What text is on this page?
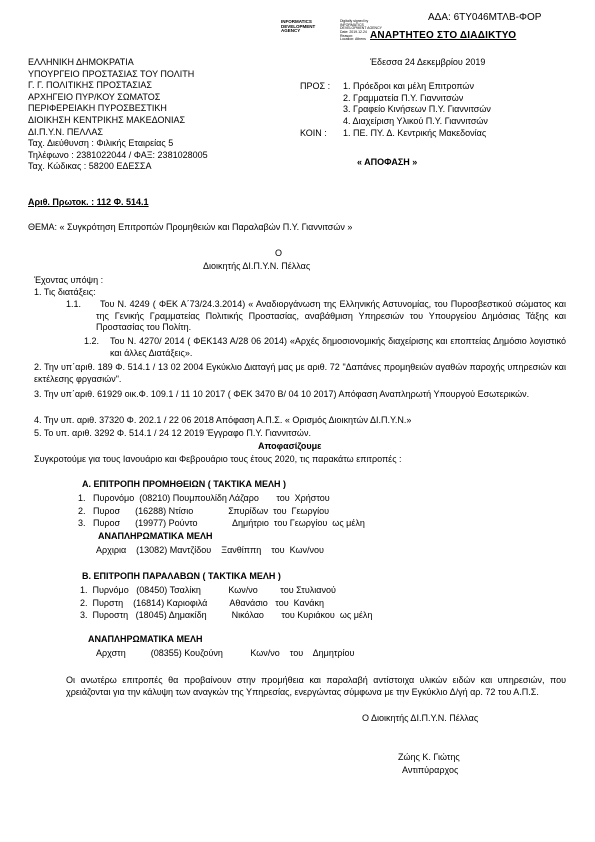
ΑΔΑ: 6ΤΥ046ΜΤΛΒ-ΦΟΡ
INFORMATICS
DEVELOPMENT
AGENCY
Digitally signed by
INFORMATICS
DEVELOPMENT AGENCY
Date: 2019.12.24
Reason:
Location: Athens ΑΝΑΡΤΗΤΕΟ ΣΤΟ ΔΙΑΔΙΚΤΥΟ
ΕΛΛΗΝΙΚΗ ΔΗΜΟΚΡΑΤΙΑ
ΥΠΟΥΡΓΕΙΟ ΠΡΟΣΤΑΣΙΑΣ ΤΟΥ ΠΟΛΙΤΗ
Γ. Γ. ΠΟΛΙΤΙΚΗΣ ΠΡΟΣΤΑΣΙΑΣ
ΑΡΧΗΓΕΙΟ ΠΥΡ/ΚΟΥ ΣΩΜΑΤΟΣ
ΠΕΡΙΦΕΡΕΙΑΚΗ ΠΥΡΟΣΒΕΣΤΙΚΗ
ΔΙΟΙΚΗΣΗ ΚΕΝΤΡΙΚΗΣ ΜΑΚΕΔΟΝΙΑΣ
ΔΙ.Π.Υ.Ν. ΠΕΛΛΑΣ
Ταχ. Διεύθυνση : Φιλικής Εταιρείας 5
Τηλέφωνο : 2381022044 / ΦΑΞ: 2381028005
Ταχ. Κώδικας : 58200 ΕΔΕΣΣΑ
Έδεσσα 24 Δεκεμβρίου 2019
ΠΡΟΣ : 1. Πρόεδροι και μέλη Επιτροπών
2. Γραμματεία Π.Υ. Γιαννιτσών
3. Γραφείο Κινήσεων Π.Υ. Γιαννιτσών
4. Διαχείριση Υλικού Π.Υ. Γιαννιτσών
ΚΟΙΝ : 1. ΠΕ. ΠΥ. Δ. Κεντρικής Μακεδονίας
« ΑΠΟΦΑΣΗ »
Αριθ. Πρωτοκ. : 112 Φ. 514.1
ΘΕΜΑ: « Συγκρότηση Επιτροπών Προμηθειών και Παραλαβών Π.Υ. Γιαννιτσών »
Ο
Διοικητής ΔΙ.Π.Υ.Ν. Πέλλας
Έχοντας υπόψη :
1. Τις διατάξεις:
1.1.	Του Ν. 4249 ( ΦΕΚ Α΄73/24.3.2014) « Αναδιοργάνωση της Ελληνικής Αστυνομίας, του Πυροσβεστικού σώματος και της Γενικής Γραμματείας Πολιτικής Προστασίας, αναβάθμιση Υπηρεσιών του Υπουργείου Δημόσιας Τάξης και Προστασίας του Πολίτη.
1.2. Του Ν. 4270/ 2014 ( ΦΕΚ143 Α/28 06 2014) «Αρχές δημοσιονομικής διαχείρισης και εποπτείας Δημόσιο λογιστικό και άλλες Διατάξεις».
2. Την υπ΄αριθ. 189 Φ. 514.1 / 13 02 2004 Εγκύκλιο Διαταγή μας με αριθ. 72 "Δαπάνες προμηθειών αγαθών παροχής υπηρεσιών και εκτέλεσης φργασιών".
3. Την υπ΄αριθ. 61929 οικ.Φ. 109.1 / 11 10 2017 ( ΦΕΚ 3470 Β/ 04 10 2017) Απόφαση Αναπληρωτή Υπουργού Εσωτερικών.
4. Την υπ. αριθ. 37320 Φ. 202.1 / 22 06 2018 Απόφαση Α.Π.Σ. « Ορισμός Διοικητών ΔΙ.Π.Υ.Ν.»
5. Το υπ. αριθ. 3292 Φ. 514.1 / 24 12 2019 Έγγραφο Π.Υ. Γιαννιτσών.
Αποφασίζουμε
Συγκροτούμε για τους Ιανουάριο και Φεβρουάριο τους έτους 2020, τις παρακάτω επιτροπές :
Α. ΕΠΙΤΡΟΠΗ ΠΡΟΜΗΘΕΙΩΝ ( ΤΑΚΤΙΚΑ ΜΕΛΗ )
1.   Πυρονόμο  (08210) Πουμπουλίδη Λάζαρο       του  Χρήστου
2.   Πυροσ      (16288) Ντίσιο              Σπυρίδων  του  Γεωργίου
3.   Πυροσ      (19977) Ρούντο              Δημήτριο  του Γεωργίου  ως μέλη
ΑΝΑΠΛΗΡΩΜΑΤΙΚΑ ΜΕΛΗ
Αρχιρια    (13082) Μαντζίδου    Ξανθίππη    του  Κων/νου
Β. ΕΠΙΤΡΟΠΗ ΠΑΡΑΛΑΒΩΝ ( ΤΑΚΤΙΚΑ ΜΕΛΗ )
1.  Πυρνόμο   (08450) Τσαλίκη           Κων/νο         του Στυλιανού
2.  Πυρστη    (16814) Καριοφιλά         Αθανάσιο   του  Κανάκη
3.  Πυροστη   (18045) Δημακίδη          Νικόλαο       του Κυριάκου  ως μέλη
ΑΝΑΠΛΗΡΩΜΑΤΙΚΑ ΜΕΛΗ
Αρχστη          (08355) Κουζούνη           Κων/νο    του    Δημητρίου
Οι ανωτέρω επιτροπές θα προβαίνουν στην προμήθεια και παραλαβή αντίστοιχα υλικών ειδών και υπηρεσιών, που χρειάζονται για την κάλυψη των αναγκών της Υπηρεσίας, ενεργώντας σύμφωνα με την Εγκύκλιο Δ/γή αρ. 72 του Α.Π.Σ.
Ο Διοικητής ΔΙ.Π.Υ.Ν. Πέλλας
Ζώης Κ. Γιώτης
Αντιπύραρχος
